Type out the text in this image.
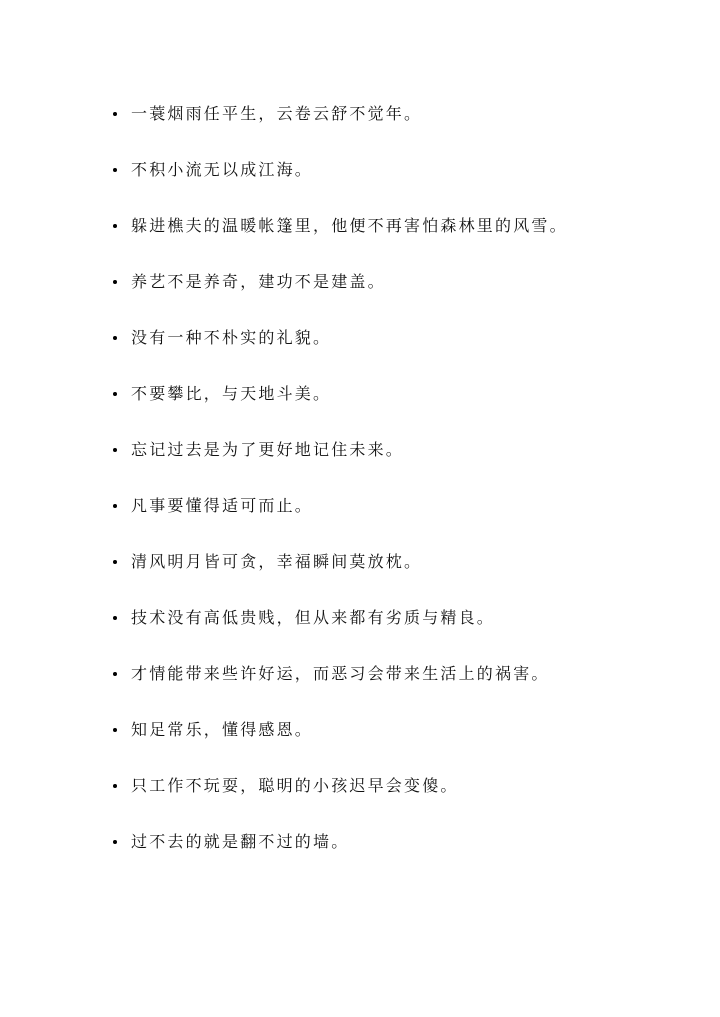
一蓑烟雨任平生，云卷云舒不觉年。
不积小流无以成江海。
躲进樵夫的温暖帐篷里，他便不再害怕森林里的风雪。
养艺不是养奇，建功不是建盖。
没有一种不朴实的礼貌。
不要攀比，与天地斗美。
忘记过去是为了更好地记住未来。
凡事要懂得适可而止。
清风明月皆可贪，幸福瞬间莫放枕。
技术没有高低贵贱，但从来都有劣质与精良。
才情能带来些许好运，而恶习会带来生活上的祸害。
知足常乐，懂得感恩。
只工作不玩耍，聪明的小孩迟早会变傻。
过不去的就是翻不过的墙。
